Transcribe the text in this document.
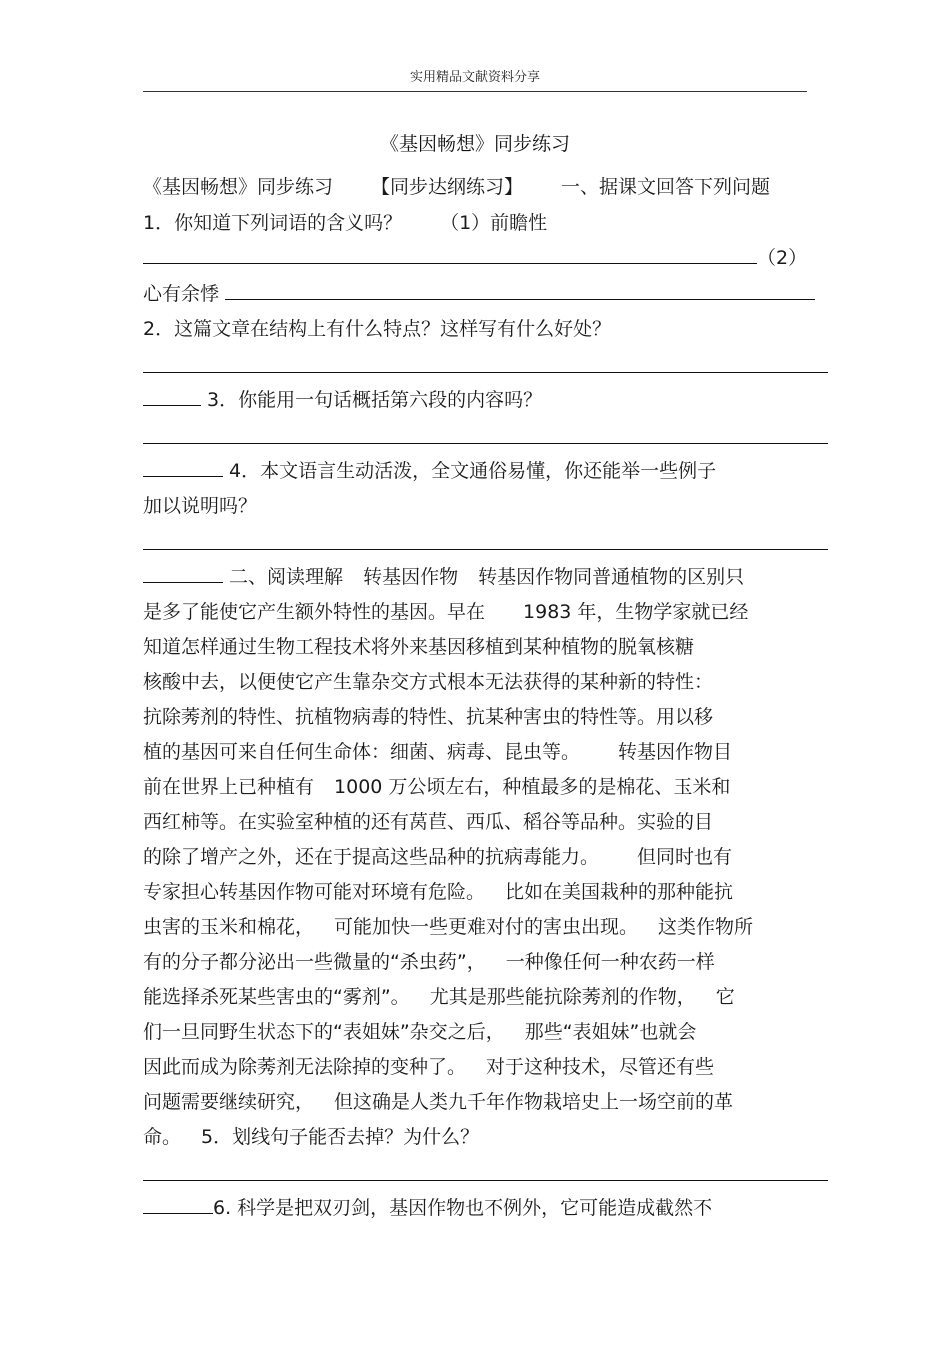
实用精品文献资料分享
《基因畅想》同步练习
《基因畅想》同步练习 【同步达纲练习】 一、据课文回答下列问题
1．你知道下列词语的含义吗？ （1）前瞻性
（2）
心有余悸
2．这篇文章在结构上有什么特点？这样写有什么好处？
3．你能用一句话概括第六段的内容吗？
4．本文语言生动活泼，全文通俗易懂，你还能举一些例子
加以说明吗？
二、阅读理解 转基因作物 转基因作物同普通植物的区别只
是多了能使它产生额外特性的基因。早在 1983 年，生物学家就已经
知道怎样通过生物工程技术将外来基因移植到某种植物的脱氧核糖
核酸中去，以便使它产生靠杂交方式根本无法获得的某种新的特性：
抗除莠剂的特性、抗植物病毒的特性、抗某种害虫的特性等。用以移
植的基因可来自任何生命体：细菌、病毒、昆虫等。 转基因作物目
前在世界上已种植有 1000 万公顷左右，种植最多的是棉花、玉米和
西红柿等。在实验室种植的还有莴苣、西瓜、稻谷等品种。实验的目
的除了增产之外，还在于提高这些品种的抗病毒能力。 但同时也有
专家担心转基因作物可能对环境有危险。 比如在美国栽种的那种能抗
虫害的玉米和棉花， 可能加快一些更难对付的害虫出现。 这类作物所
有的分子都分泌出一些微量的“杀虫药”， 一种像任何一种农药一样
能选择杀死某些害虫的“雾剂”。 尤其是那些能抗除莠剂的作物， 它
们一旦同野生状态下的“表姐妹”杂交之后， 那些“表姐妹”也就会
因此而成为除莠剂无法除掉的变种了。 对于这种技术，尽管还有些
问题需要继续研究， 但这确是人类九千年作物栽培史上一场空前的革
命。 5．划线句子能否去掉？为什么？
6. 科学是把双刃剑，基因作物也不例外，它可能造成截然不
